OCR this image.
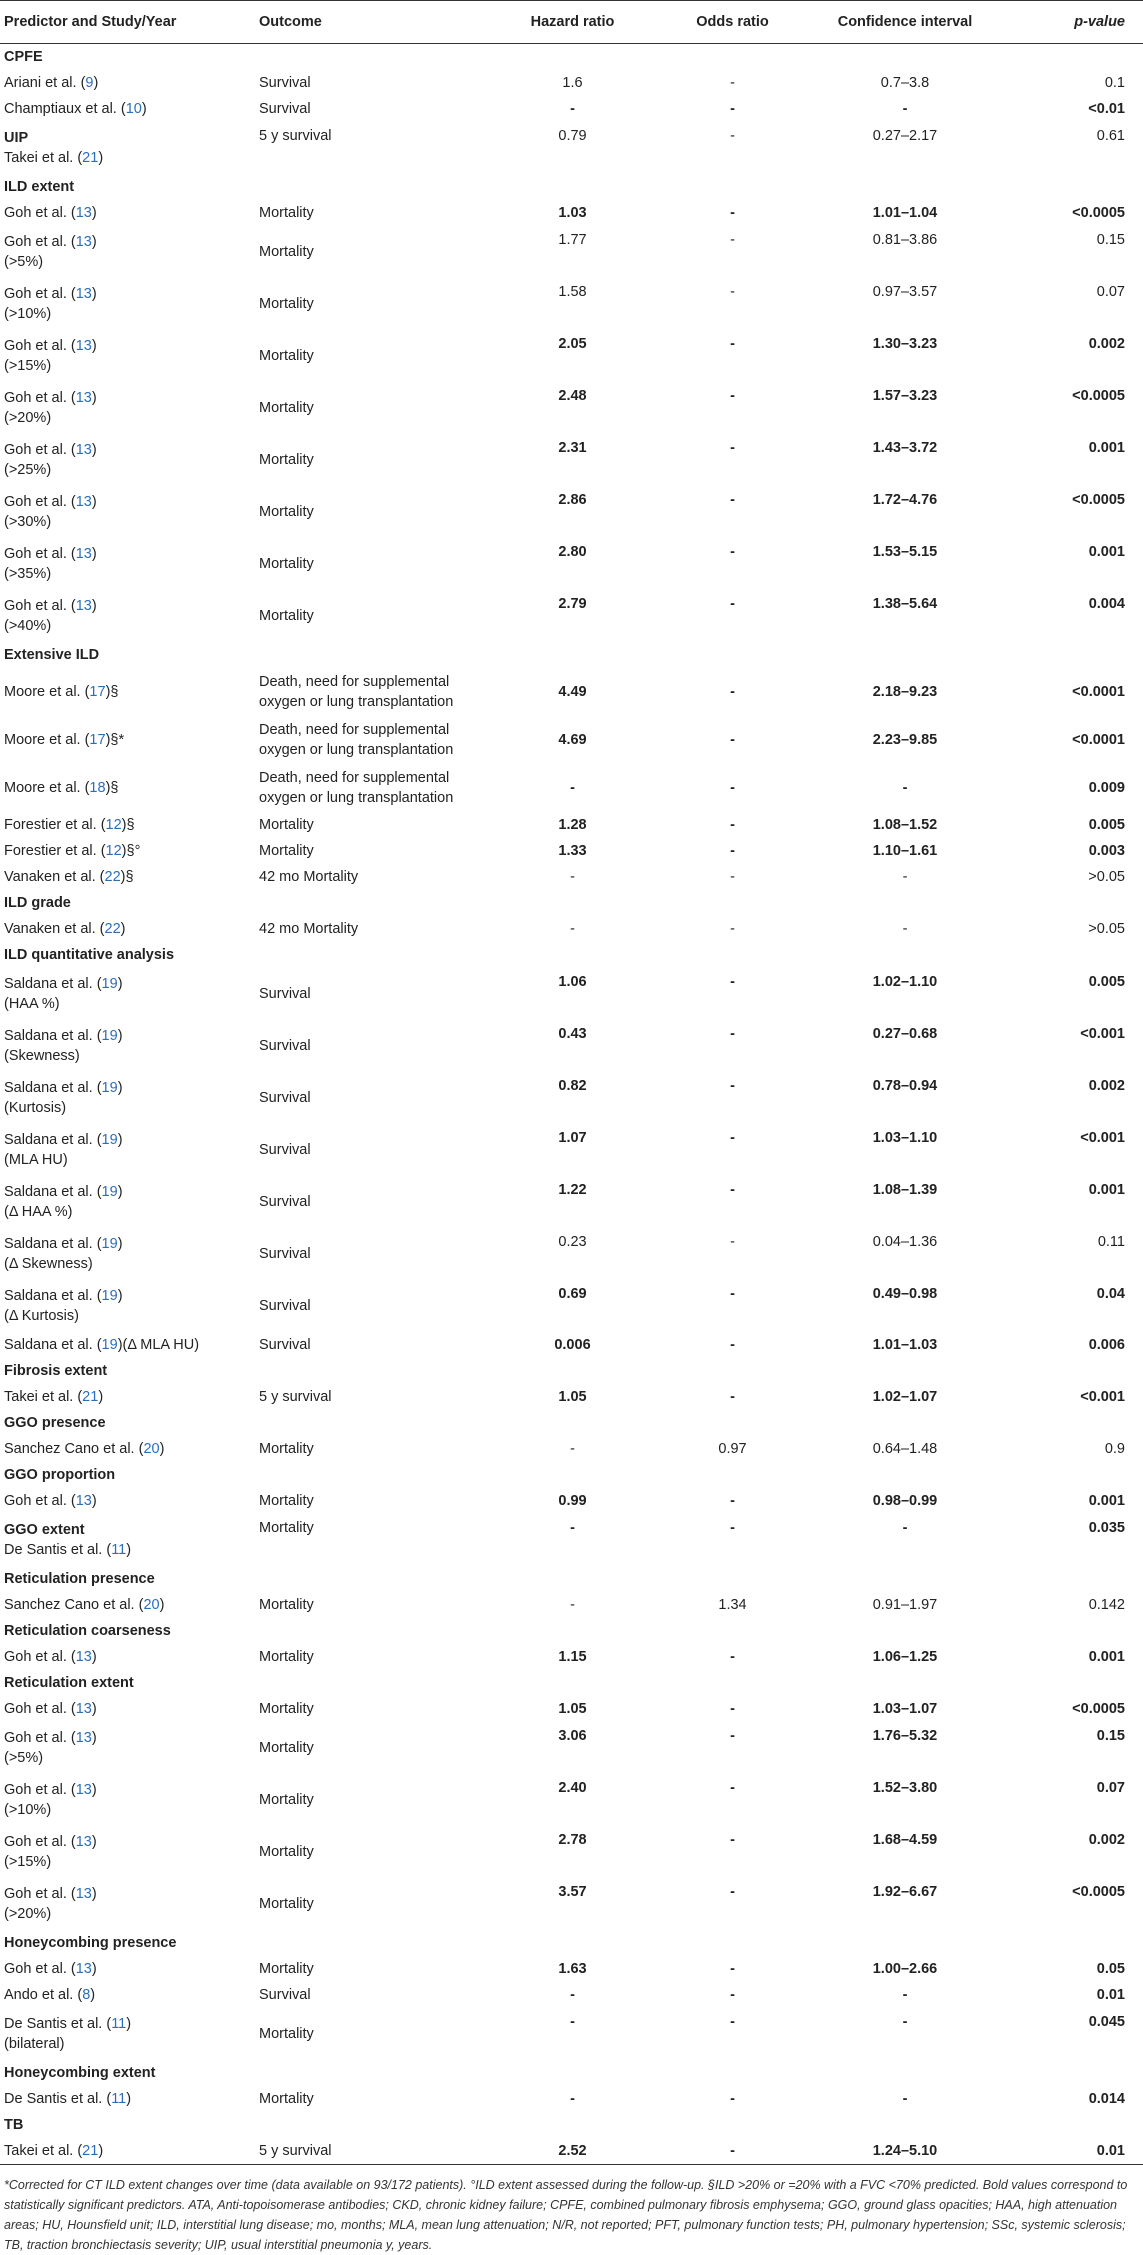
Predictor and Study/Year	Outcome	Hazard ratio	Odds ratio	Confidence interval	p-value
CPFE					

Ariani et al. (9)	Survival	1.6	-	0.7–3.8	0.1

Champtiaux et al. (10)	Survival	-	-	-	<0.01

UIP
Takei et al. (21)	5 y survival	0.79	-	0.27–2.17	0.61
ILD extent					

Goh et al. (13)	Mortality	1.03	-	1.01–1.04	<0.0005

Goh et al. (13)
(>5%)	Mortality	1.77	-	0.81–3.86	0.15

Goh et al. (13)
(>10%)	Mortality	1.58	-	0.97–3.57	0.07

Goh et al. (13)
(>15%)	Mortality	2.05	-	1.30–3.23	0.002

Goh et al. (13)
(>20%)	Mortality	2.48	-	1.57–3.23	<0.0005

Goh et al. (13)
(>25%)	Mortality	2.31	-	1.43–3.72	0.001

Goh et al. (13)
(>30%)	Mortality	2.86	-	1.72–4.76	<0.0005

Goh et al. (13)
(>35%)	Mortality	2.80	-	1.53–5.15	0.001

Goh et al. (13)
(>40%)	Mortality	2.79	-	1.38–5.64	0.004
Extensive ILD					

Moore et al. (17)§	Death, need for supplemental
oxygen or lung transplantation	4.49	-	2.18–9.23	<0.0001

Moore et al. (17)§*	Death, need for supplemental
oxygen or lung transplantation	4.69	-	2.23–9.85	<0.0001

Moore et al. (18)§	Death, need for supplemental
oxygen or lung transplantation	-	-	-	0.009

Forestier et al. (12)§	Mortality	1.28	-	1.08–1.52	0.005

Forestier et al. (12)§°	Mortality	1.33	-	1.10–1.61	0.003

Vanaken et al. (22)§	42 mo Mortality	-	-	-	>0.05
ILD grade					

Vanaken et al. (22)	42 mo Mortality	-	-	-	>0.05
ILD quantitative analysis					

Saldana et al. (19)
(HAA %)	Survival	1.06	-	1.02–1.10	0.005

Saldana et al. (19)
(Skewness)	Survival	0.43	-	0.27–0.68	<0.001

Saldana et al. (19)
(Kurtosis)	Survival	0.82	-	0.78–0.94	0.002

Saldana et al. (19)
(MLA HU)	Survival	1.07	-	1.03–1.10	<0.001

Saldana et al. (19)
(Δ HAA %)	Survival	1.22	-	1.08–1.39	0.001

Saldana et al. (19)
(Δ Skewness)	Survival	0.23	-	0.04–1.36	0.11

Saldana et al. (19)
(Δ Kurtosis)	Survival	0.69	-	0.49–0.98	0.04

Saldana et al. (19)(Δ MLA HU)	Survival	0.006	-	1.01–1.03	0.006
Fibrosis extent					

Takei et al. (21)	5 y survival	1.05	-	1.02–1.07	<0.001
GGO presence					

Sanchez Cano et al. (20)	Mortality	-	0.97	0.64–1.48	0.9
GGO proportion					

Goh et al. (13)	Mortality	0.99	-	0.98–0.99	0.001

GGO extent
De Santis et al. (11)	Mortality	-	-	-	0.035
Reticulation presence					

Sanchez Cano et al. (20)	Mortality	-	1.34	0.91–1.97	0.142
Reticulation coarseness					

Goh et al. (13)	Mortality	1.15	-	1.06–1.25	0.001
Reticulation extent					

Goh et al. (13)	Mortality	1.05	-	1.03–1.07	<0.0005

Goh et al. (13)
(>5%)	Mortality	3.06	-	1.76–5.32	0.15

Goh et al. (13)
(>10%)	Mortality	2.40	-	1.52–3.80	0.07

Goh et al. (13)
(>15%)	Mortality	2.78	-	1.68–4.59	0.002

Goh et al. (13)
(>20%)	Mortality	3.57	-	1.92–6.67	<0.0005
Honeycombing presence					

Goh et al. (13)	Mortality	1.63	-	1.00–2.66	0.05

Ando et al. (8)	Survival	-	-	-	0.01

De Santis et al. (11)
(bilateral)	Mortality	-	-	-	0.045
Honeycombing extent					

De Santis et al. (11)	Mortality	-	-	-	0.014
TB					

Takei et al. (21)	5 y survival	2.52	-	1.24–5.10	0.01
*Corrected for CT ILD extent changes over time (data available on 93/172 patients). °ILD extent assessed during the follow-up. §ILD >20% or =20% with a FVC <70% predicted. Bold values correspond to statistically significant predictors. ATA, Anti-topoisomerase antibodies; CKD, chronic kidney failure; CPFE, combined pulmonary fibrosis emphysema; GGO, ground glass opacities; HAA, high attenuation areas; HU, Hounsfield unit; ILD, interstitial lung disease; mo, months; MLA, mean lung attenuation; N/R, not reported; PFT, pulmonary function tests; PH, pulmonary hypertension; SSc, systemic sclerosis; TB, traction bronchiectasis severity; UIP, usual interstitial pneumonia y, years.
